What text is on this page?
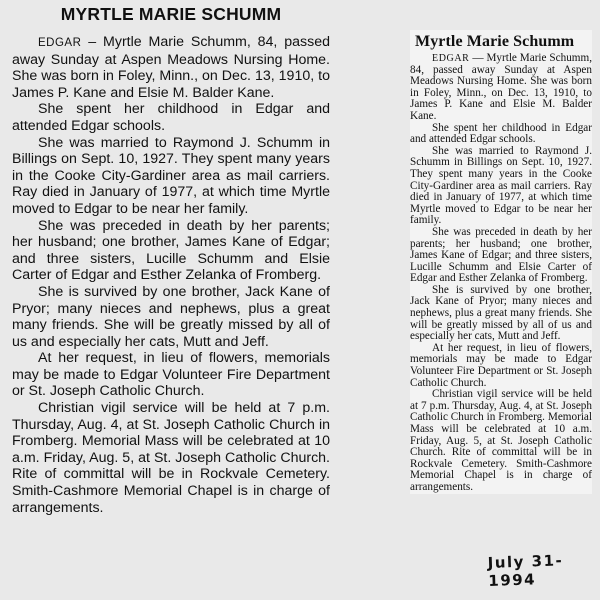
MYRTLE MARIE SCHUMM

EDGAR – Myrtle Marie Schumm, 84, passed away Sunday at Aspen Meadows Nursing Home. She was born in Foley, Minn., on Dec. 13, 1910, to James P. Kane and Elsie M. Balder Kane.

She spent her childhood in Edgar and attended Edgar schools.

She was married to Raymond J. Schumm in Billings on Sept. 10, 1927. They spent many years in the Cooke City-Gardiner area as mail carriers. Ray died in January of 1977, at which time Myrtle moved to Edgar to be near her family.

She was preceded in death by her parents; her husband; one brother, James Kane of Edgar; and three sisters, Lucille Schumm and Elsie Carter of Edgar and Esther Zelanka of Fromberg.

She is survived by one brother, Jack Kane of Pryor; many nieces and nephews, plus a great many friends. She will be greatly missed by all of us and especially her cats, Mutt and Jeff.

At her request, in lieu of flowers, memorials may be made to Edgar Volunteer Fire Department or St. Joseph Catholic Church.

Christian vigil service will be held at 7 p.m. Thursday, Aug. 4, at St. Joseph Catholic Church in Fromberg. Memorial Mass will be celebrated at 10 a.m. Friday, Aug. 5, at St. Joseph Catholic Church. Rite of committal will be in Rockvale Cemetery. Smith-Cashmore Memorial Chapel is in charge of arrangements.

Myrtle Marie Schumm

EDGAR — Myrtle Marie Schumm, 84, passed away Sunday at Aspen Meadows Nursing Home. She was born in Foley, Minn., on Dec. 13, 1910, to James P. Kane and Elsie M. Balder Kane.

She spent her childhood in Edgar and attended Edgar schools.

She was married to Raymond J. Schumm in Billings on Sept. 10, 1927. They spent many years in the Cooke City-Gardiner area as mail carriers. Ray died in January of 1977, at which time Myrtle moved to Edgar to be near her family.

She was preceded in death by her parents; her husband; one brother, James Kane of Edgar; and three sisters, Lucille Schumm and Elsie Carter of Edgar and Esther Zelanka of Fromberg.

She is survived by one brother, Jack Kane of Pryor; many nieces and nephews, plus a great many friends. She will be greatly missed by all of us and especially her cats, Mutt and Jeff.

At her request, in lieu of flowers, memorials may be made to Edgar Volunteer Fire Department or St. Joseph Catholic Church.

Christian vigil service will be held at 7 p.m. Thursday, Aug. 4, at St. Joseph Catholic Church in Fromberg. Memorial Mass will be celebrated at 10 a.m. Friday, Aug. 5, at St. Joseph Catholic Church. Rite of committal will be in Rockvale Cemetery. Smith-Cashmore Memorial Chapel is in charge of arrangements.

July 31-1994
